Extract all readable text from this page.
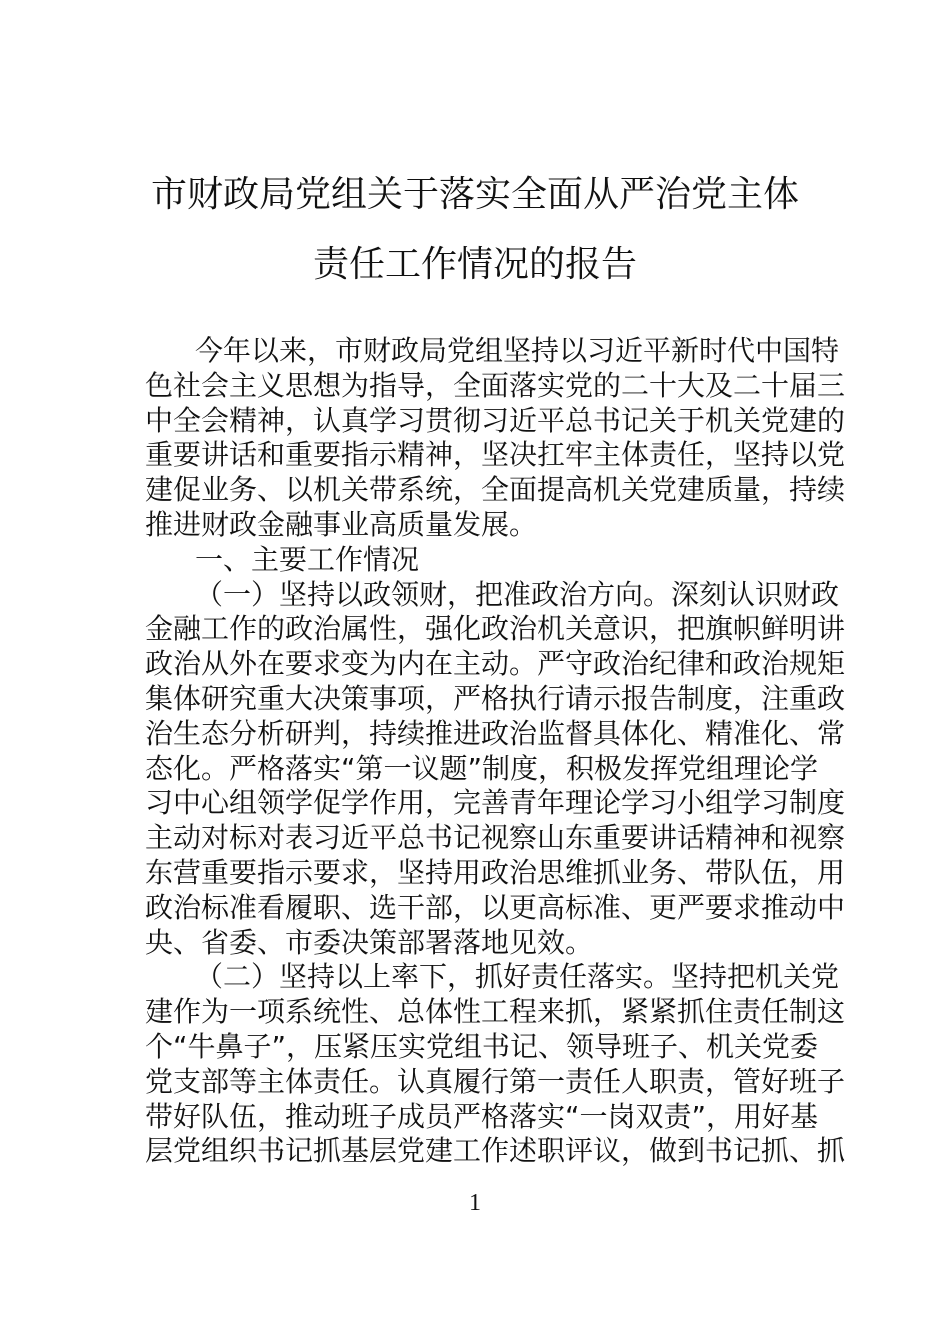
市财政局党组关于落实全面从严治党主体
责任工作情况的报告
今年以来，市财政局党组坚持以习近平新时代中国特
色社会主义思想为指导，全面落实党的二十大及二十届三
中全会精神，认真学习贯彻习近平总书记关于机关党建的
重要讲话和重要指示精神，坚决扛牢主体责任，坚持以党
建促业务、以机关带系统，全面提高机关党建质量，持续
推进财政金融事业高质量发展。
一、主要工作情况
（一）坚持以政领财，把准政治方向。深刻认识财政
金融工作的政治属性，强化政治机关意识，把旗帜鲜明讲
政治从外在要求变为内在主动。严守政治纪律和政治规矩
集体研究重大决策事项，严格执行请示报告制度，注重政
治生态分析研判，持续推进政治监督具体化、精准化、常
态化。严格落实“第一议题”制度，积极发挥党组理论学
习中心组领学促学作用，完善青年理论学习小组学习制度
主动对标对表习近平总书记视察山东重要讲话精神和视察
东营重要指示要求，坚持用政治思维抓业务、带队伍，用
政治标准看履职、选干部，以更高标准、更严要求推动中
央、省委、市委决策部署落地见效。
（二）坚持以上率下，抓好责任落实。坚持把机关党
建作为一项系统性、总体性工程来抓，紧紧抓住责任制这
个“牛鼻子”，压紧压实党组书记、领导班子、机关党委
党支部等主体责任。认真履行第一责任人职责，管好班子
带好队伍，推动班子成员严格落实“一岗双责”，用好基
层党组织书记抓基层党建工作述职评议，做到书记抓、抓
1
